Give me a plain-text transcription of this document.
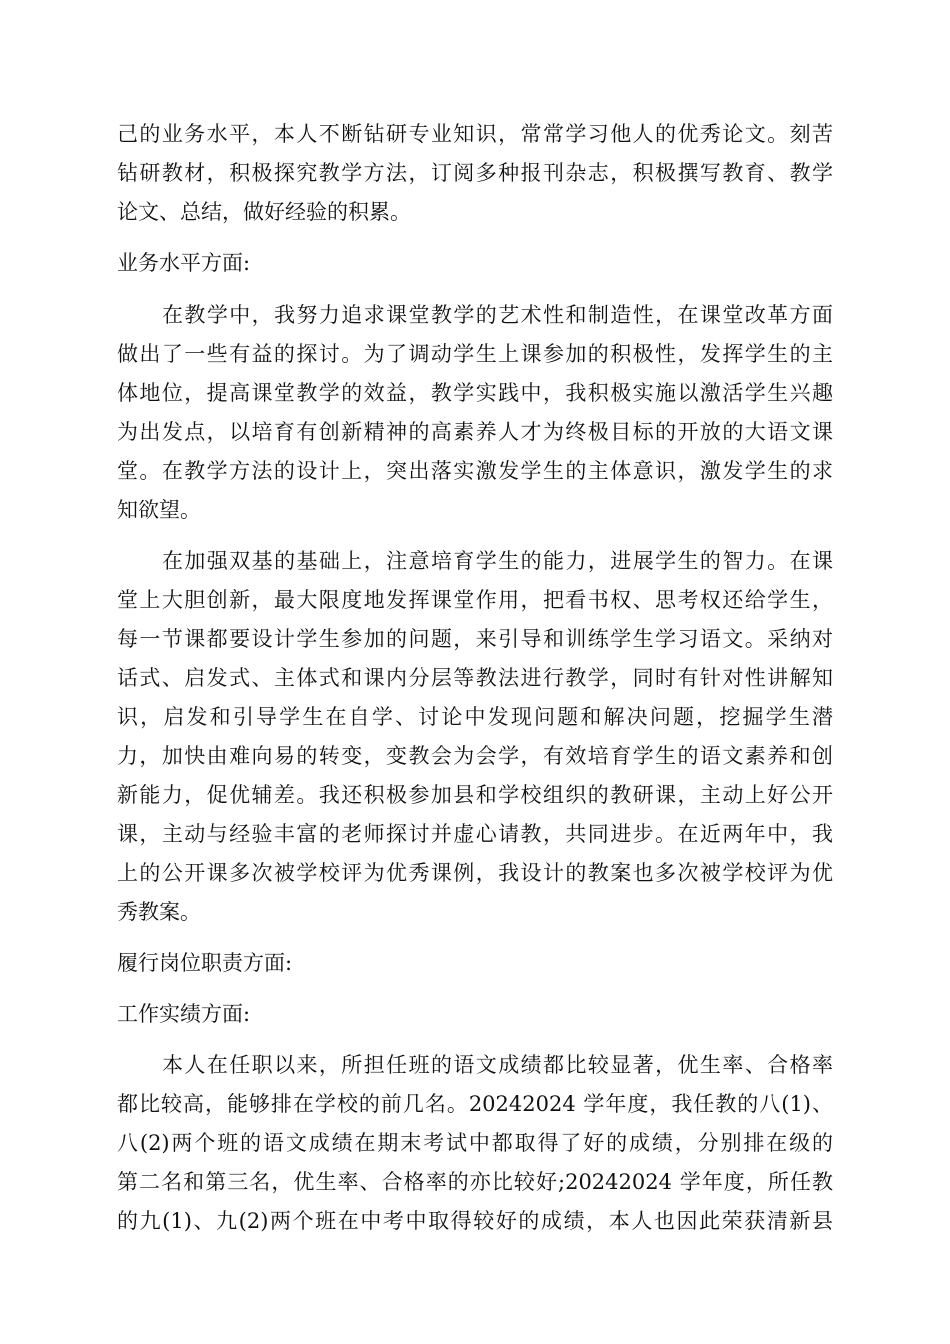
己的业务水平，本人不断钻研专业知识，常常学习他人的优秀论文。刻苦
钻研教材，积极探究教学方法，订阅多种报刊杂志，积极撰写教育、教学
论文、总结，做好经验的积累。
业务水平方面:
在教学中，我努力追求课堂教学的艺术性和制造性，在课堂改革方面
做出了一些有益的探讨。为了调动学生上课参加的积极性，发挥学生的主
体地位，提高课堂教学的效益，教学实践中，我积极实施以激活学生兴趣
为出发点，以培育有创新精神的高素养人才为终极目标的开放的大语文课
堂。在教学方法的设计上，突出落实激发学生的主体意识，激发学生的求
知欲望。
在加强双基的基础上，注意培育学生的能力，进展学生的智力。在课
堂上大胆创新，最大限度地发挥课堂作用，把看书权、思考权还给学生，
每一节课都要设计学生参加的问题，来引导和训练学生学习语文。采纳对
话式、启发式、主体式和课内分层等教法进行教学，同时有针对性讲解知
识，启发和引导学生在自学、讨论中发现问题和解决问题，挖掘学生潜
力，加快由难向易的转变，变教会为会学，有效培育学生的语文素养和创
新能力，促优辅差。我还积极参加县和学校组织的教研课，主动上好公开
课，主动与经验丰富的老师探讨并虚心请教，共同进步。在近两年中，我
上的公开课多次被学校评为优秀课例，我设计的教案也多次被学校评为优
秀教案。
履行岗位职责方面:
工作实绩方面:
本人在任职以来，所担任班的语文成绩都比较显著，优生率、合格率
都比较高，能够排在学校的前几名。20242024 学年度，我任教的八(1)、
八(2)两个班的语文成绩在期末考试中都取得了好的成绩，分别排在级的
第二名和第三名，优生率、合格率的亦比较好;20242024 学年度，所任教
的九(1)、九(2)两个班在中考中取得较好的成绩，本人也因此荣获清新县
